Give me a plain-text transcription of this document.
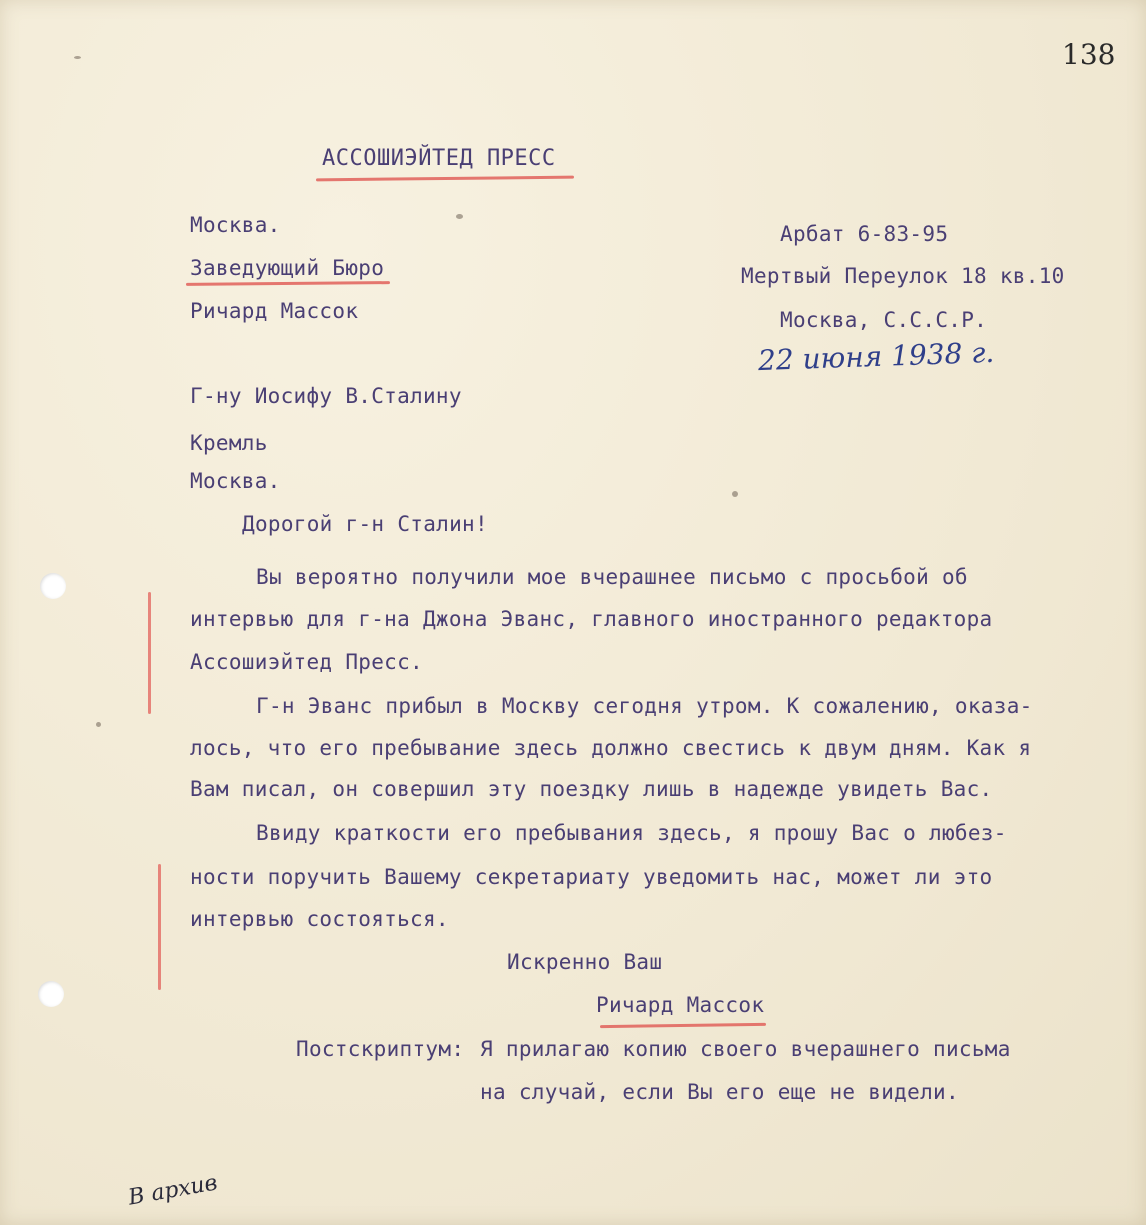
138
АССОШИЭЙТЕД ПРЕСС
Москва.
Заведующий Бюро
Ричард Массок
Арбат 6-83-95
Мертвый Переулок 18 кв.10
Москва, С.С.С.Р.
22 июня 1938 г.
Г-ну Иосифу В.Сталину
Кремль
Москва.
Дорогой г-н Сталин!
Вы вероятно получили мое вчерашнее письмо с просьбой об
интервью для г-на Джона Эванс, главного иностранного редактора
Ассошиэйтед Пресс.
Г-н Эванс прибыл в Москву сегодня утром. К сожалению, оказа-
лось, что его пребывание здесь должно свестись к двум дням. Как я
Вам писал, он совершил эту поездку лишь в надежде увидеть Вас.
Ввиду краткости его пребывания здесь, я прошу Вас о любез-
ности поручить Вашему секретариату уведомить нас, может ли это
интервью состояться.
Искренно Ваш
Ричард Массок
Постскриптум: Я прилагаю копию своего вчерашнего письма
на случай, если Вы его еще не видели.
В архив
